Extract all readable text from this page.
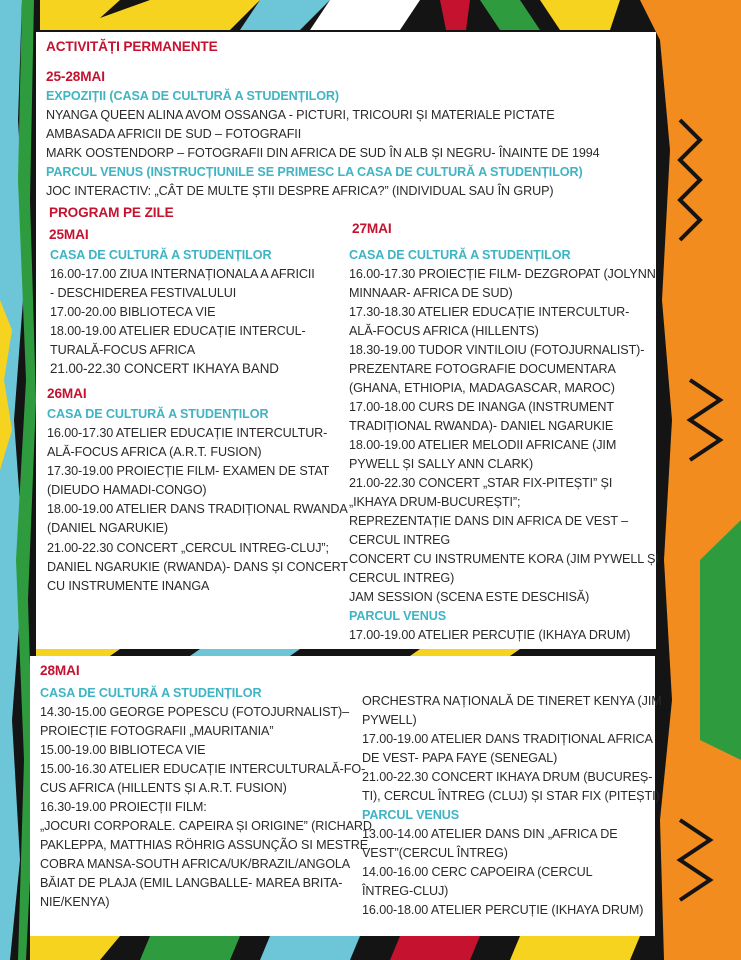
ACTIVITĂȚI PERMANENTE
25-28MAI
EXPOZIȚII (CASA DE CULTURĂ A STUDENȚILOR)
NYANGA QUEEN ALINA AVOM OSSANGA - PICTURI, TRICOURI ȘI MATERIALE PICTATE
AMBASADA AFRICII DE SUD – FOTOGRAFII
MARK OOSTENDORP – FOTOGRAFII DIN AFRICA DE SUD ÎN ALB ȘI NEGRU- ÎNAINTE DE 1994
PARCUL VENUS (INSTRUCȚIUNILE SE PRIMESC LA CASA DE CULTURĂ A STUDENȚILOR)
JOC INTERACTIV: „CÂT DE MULTE ȘTII DESPRE AFRICA?” (INDIVIDUAL SAU ÎN GRUP)
PROGRAM PE ZILE
25MAI
CASA DE CULTURĂ A STUDENȚILOR
16.00-17.00 ZIUA INTERNAȚIONALA A AFRICII
- DESCHIDEREA FESTIVALULUI
17.00-20.00 BIBLIOTECA VIE
18.00-19.00 ATELIER EDUCAȚIE INTERCUL-
TURALĂ-FOCUS AFRICA
21.00-22.30 CONCERT IKHAYA BAND
26MAI
CASA DE CULTURĂ A STUDENȚILOR
16.00-17.30 ATELIER EDUCAȚIE INTERCULTUR-
ALĂ-FOCUS AFRICA (A.R.T. FUSION)
17.30-19.00 PROIECȚIE FILM- EXAMEN DE STAT
(DIEUDO HAMADI-CONGO)
18.00-19.00 ATELIER DANS TRADIȚIONAL RWANDA
(DANIEL NGARUKIE)
21.00-22.30 CONCERT „CERCUL INTREG-CLUJ”;
DANIEL NGARUKIE (RWANDA)- DANS ȘI CONCERT
CU INSTRUMENTE INANGA
27MAI
CASA DE CULTURĂ A STUDENȚILOR
16.00-17.30 PROIECȚIE FILM- DEZGROPAT (JOLYNN
MINNAAR- AFRICA DE SUD)
17.30-18.30 ATELIER EDUCAȚIE INTERCULTUR-
ALĂ-FOCUS AFRICA (HILLENTS)
18.30-19.00 TUDOR VINTILOIU (FOTOJURNALIST)-
PREZENTARE FOTOGRAFIE DOCUMENTARA
(GHANA, ETHIOPIA, MADAGASCAR, MAROC)
17.00-18.00 CURS DE INANGA (INSTRUMENT
TRADIȚIONAL RWANDA)- DANIEL NGARUKIE
18.00-19.00 ATELIER MELODII AFRICANE (JIM
PYWELL ȘI SALLY ANN CLARK)
21.00-22.30 CONCERT „STAR FIX-PITEȘTI” ȘI
„IKHAYA DRUM-BUCUREȘTI”;
REPREZENTAȚIE DANS DIN AFRICA DE VEST –
CERCUL INTREG
CONCERT CU INSTRUMENTE KORA (JIM PYWELL ȘI
CERCUL INTREG)
JAM SESSION (SCENA ESTE DESCHISĂ)
PARCUL VENUS
17.00-19.00 ATELIER PERCUȚIE (IKHAYA DRUM)
28MAI
CASA DE CULTURĂ A STUDENȚILOR
14.30-15.00 GEORGE POPESCU (FOTOJURNALIST)–
PROIECȚIE FOTOGRAFII „MAURITANIA”
15.00-19.00 BIBLIOTECA VIE
15.00-16.30 ATELIER EDUCAȚIE INTERCULTURALĂ-FO-
CUS AFRICA (HILLENTS ȘI A.R.T. FUSION)
16.30-19.00 PROIECȚII FILM:
„JOCURI CORPORALE. CAPEIRA ȘI ORIGINE” (RICHARD
PAKLEPPA, MATTHIAS RÖHRIG ASSUNÇÃO SI MESTRE
COBRA MANSA-SOUTH AFRICA/UK/BRAZIL/ANGOLA
BĂIAT DE PLAJA (EMIL LANGBALLE- MAREA BRITA-
NIE/KENYA)
ORCHESTRA NAȚIONALĂ DE TINERET KENYA (JIM
PYWELL)
17.00-19.00 ATELIER DANS TRADIȚIONAL AFRICA
DE VEST- PAPA FAYE (SENEGAL)
21.00-22.30 CONCERT IKHAYA DRUM (BUCUREȘ-
TI), CERCUL ÎNTREG (CLUJ) ȘI STAR FIX (PITEȘTI)
PARCUL VENUS
13.00-14.00 ATELIER DANS DIN „AFRICA DE
VEST”(CERCUL ÎNTREG)
14.00-16.00 CERC CAPOEIRA (CERCUL
ÎNTREG-CLUJ)
16.00-18.00 ATELIER PERCUȚIE (IKHAYA DRUM)
